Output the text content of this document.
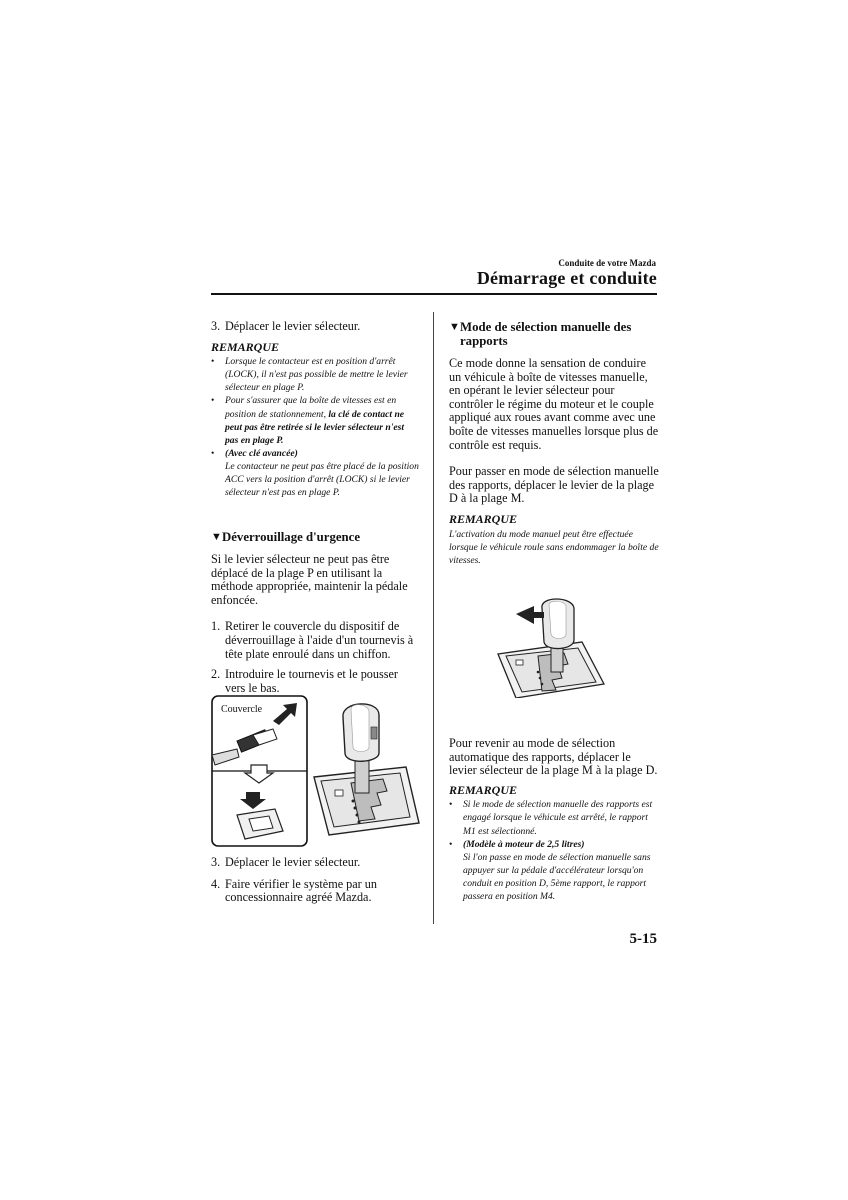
Conduite de votre Mazda
Démarrage et conduite
3. Déplacer le levier sélecteur.

REMARQUE

•	Lorsque le contacteur est en position d'arrêt (LOCK), il n'est pas possible de mettre le levier sélecteur en plage P.
•	Pour s'assurer que la boîte de vitesses est en position de stationnement, la clé de contact ne peut pas être retirée si le levier sélecteur n'est pas en plage P.
•	(Avec clé avancée)
Le contacteur ne peut pas être placé de la position ACC vers la position d'arrêt (LOCK) si le levier sélecteur n'est pas en plage P.
▼ Déverrouillage d'urgence

Si le levier sélecteur ne peut pas être déplacé de la plage P en utilisant la méthode appropriée, maintenir la pédale enfoncée.

1. Retirer le couvercle du dispositif de déverrouillage à l'aide d'un tournevis à tête plate enroulé dans un chiffon.
2. Introduire le tournevis et le pousser vers le bas.
Couvercle
3. Déplacer le levier sélecteur.
4. Faire vérifier le système par un concessionnaire agréé Mazda.
▼ Mode de sélection manuelle des rapports

Ce mode donne la sensation de conduire un véhicule à boîte de vitesses manuelle, en opérant le levier sélecteur pour contrôler le régime du moteur et le couple appliqué aux roues avant comme avec une boîte de vitesses manuelles lorsque plus de contrôle est requis.

Pour passer en mode de sélection manuelle des rapports, déplacer le levier de la plage D à la plage M.

REMARQUE

L'activation du mode manuel peut être effectuée lorsque le véhicule roule sans endommager la boîte de vitesses.

Pour revenir au mode de sélection automatique des rapports, déplacer le levier sélecteur de la plage M à la plage D.

REMARQUE

•	Si le mode de sélection manuelle des rapports est engagé lorsque le véhicule est arrêté, le rapport M1 est sélectionné.
•	(Modèle à moteur de 2,5 litres)
Si l'on passe en mode de sélection manuelle sans appuyer sur la pédale d'accélérateur lorsqu'on conduit en position D, 5ème rapport, le rapport passera en position M4.
5-15
